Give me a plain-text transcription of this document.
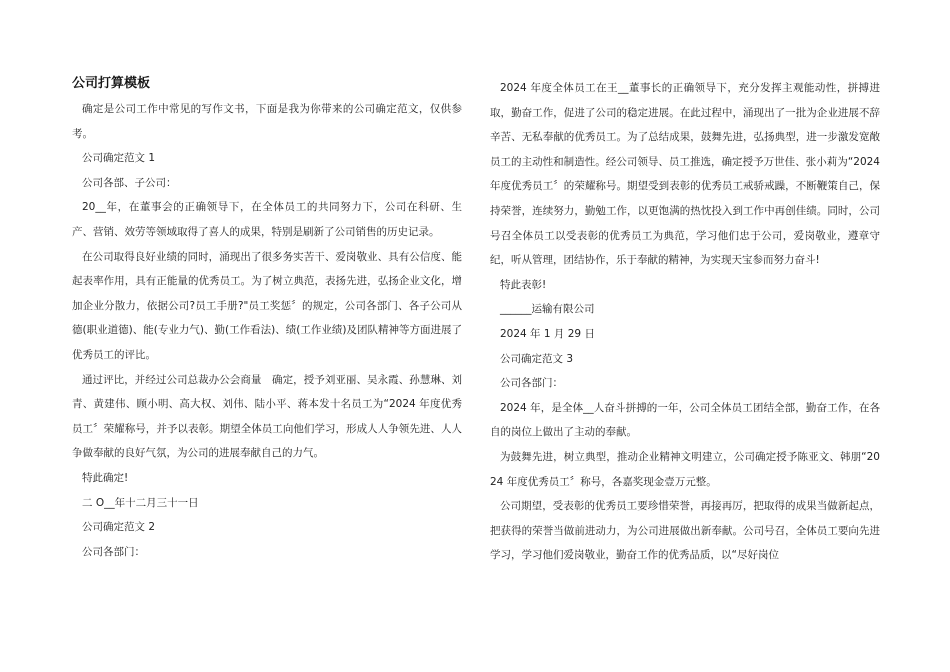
公司打算模板

确定是公司工作中常见的写作文书，下面是我为你带来的公司确定范文，仅供参考。

公司确定范文 1

公司各部、子公司：

20__年，在董事会的正确领导下，在全体员工的共同努力下，公司在科研、生产、营销、效劳等领域取得了喜人的成果，特别是刷新了公司销售的历史记录。

在公司取得良好业绩的同时，涌现出了很多务实苦干、爱岗敬业、具有公信度、能起表率作用，具有正能量的优秀员工。为了树立典范，表扬先进，弘扬企业文化，增加企业分散力，依据公司?员工手册?"员工奖惩〞的规定，公司各部门、各子公司从德(职业道德)、能(专业力气)、勤(工作看法)、绩(工作业绩)及团队精神等方面进展了优秀员工的评比。

通过评比，并经过公司总裁办公会商量　确定，授予刘亚丽、吴永霞、孙慧琳、刘青、黄建伟、顾小明、高大权、刘伟、陆小平、蒋本发十名员工为“2024 年度优秀员工〞荣耀称号，并予以表彰。期望全体员工向他们学习，形成人人争领先进、人人争做奉献的良好气氛，为公司的进展奉献自己的力气。

特此确定!

二 O__年十二月三十一日

公司确定范文 2

公司各部门：

2024 年度全体员工在王__董事长的正确领导下，充分发挥主观能动性，拼搏进取，勤奋工作，促进了公司的稳定进展。在此过程中，涌现出了一批为企业进展不辞辛苦、无私奉献的优秀员工。为了总结成果，鼓舞先进，弘扬典型，进一步激发宽敞员工的主动性和制造性。经公司领导、员工推选，确定授予万世佳、张小莉为“2024 年度优秀员工〞的荣耀称号。期望受到表彰的优秀员工戒骄戒躁，不断鞭策自己，保持荣誉，连续努力，勤勉工作，以更饱满的热忱投入到工作中再创佳绩。同时，公司号召全体员工以受表彰的优秀员工为典范，学习他们忠于公司，爱岗敬业，遵章守纪，听从管理，团结协作，乐于奉献的精神，为实现天宝参而努力奋斗!

特此表彰!

______运输有限公司

2024 年 1 月 29 日

公司确定范文 3

公司各部门：

2024 年，是全体__人奋斗拼搏的一年，公司全体员工团结全部，勤奋工作，在各自的岗位上做出了主动的奉献。

为鼓舞先进，树立典型，推动企业精神文明建立，公司确定授予陈亚文、韩朋“2024 年度优秀员工〞称号，各嘉奖现金壹万元整。

公司期望，受表彰的优秀员工要珍惜荣誉，再接再厉，把取得的成果当做新起点，把获得的荣誉当做前进动力，为公司进展做出新奉献。公司号召，全体员工要向先进学习，学习他们爱岗敬业，勤奋工作的优秀品质，以“尽好岗位
